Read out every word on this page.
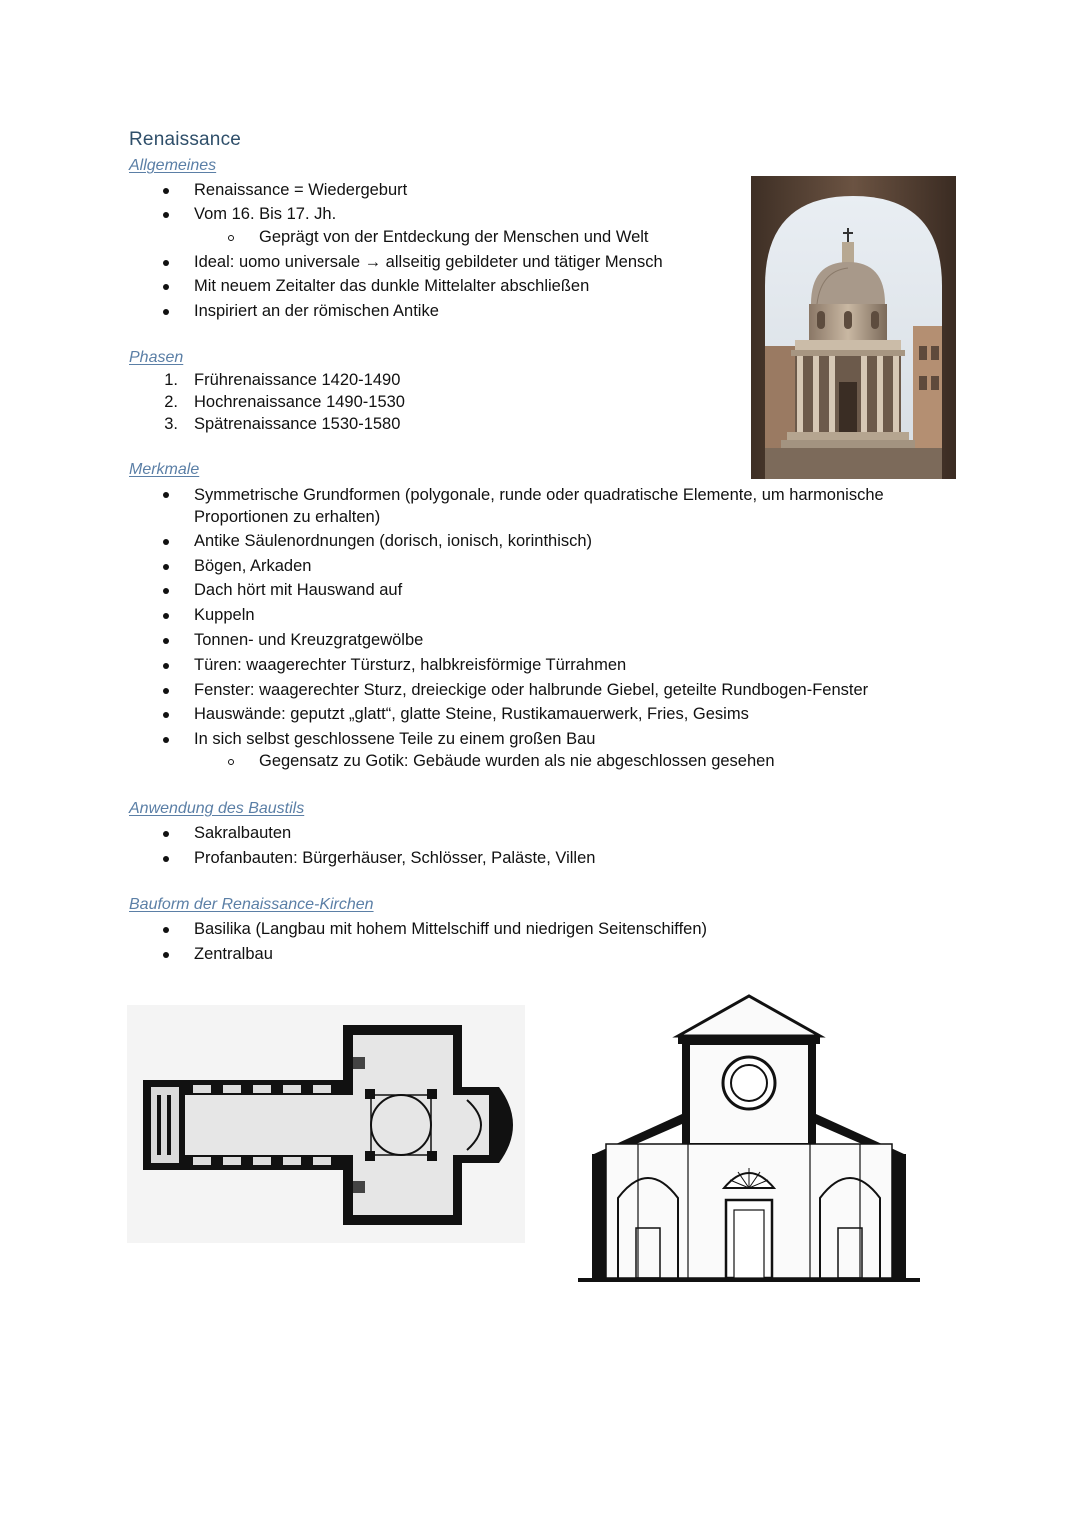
Renaissance
Allgemeines
Renaissance = Wiedergeburt
Vom 16. Bis 17. Jh.
Geprägt von der Entdeckung der Menschen und Welt
Ideal: uomo universale → allseitig gebildeter und tätiger Mensch
Mit neuem Zeitalter das dunkle Mittelalter abschließen
Inspiriert an der römischen Antike
Phasen
1. Frührenaissance 1420-1490
2. Hochrenaissance 1490-1530
3. Spätrenaissance 1530-1580
Merkmale
Symmetrische Grundformen (polygonale, runde oder quadratische Elemente, um harmonische
Proportionen zu erhalten)
Antike Säulenordnungen (dorisch, ionisch, korinthisch)
Bögen, Arkaden
Dach hört mit Hauswand auf
Kuppeln
Tonnen- und Kreuzgratgewölbe
Türen: waagerechter Türsturz, halbkreisförmige Türrahmen
Fenster: waagerechter Sturz, dreieckige oder halbrunde Giebel, geteilte Rundbogen-Fenster
Hauswände: geputzt „glatt“, glatte Steine, Rustikamauerwerk, Fries, Gesims
In sich selbst geschlossene Teile zu einem großen Bau
Gegensatz zu Gotik: Gebäude wurden als nie abgeschlossen gesehen
Anwendung des Baustils
Sakralbauten
Profanbauten: Bürgerhäuser, Schlösser, Paläste, Villen
Bauform der Renaissance-Kirchen
Basilika (Langbau mit hohem Mittelschiff und niedrigen Seitenschiffen)
Zentralbau
